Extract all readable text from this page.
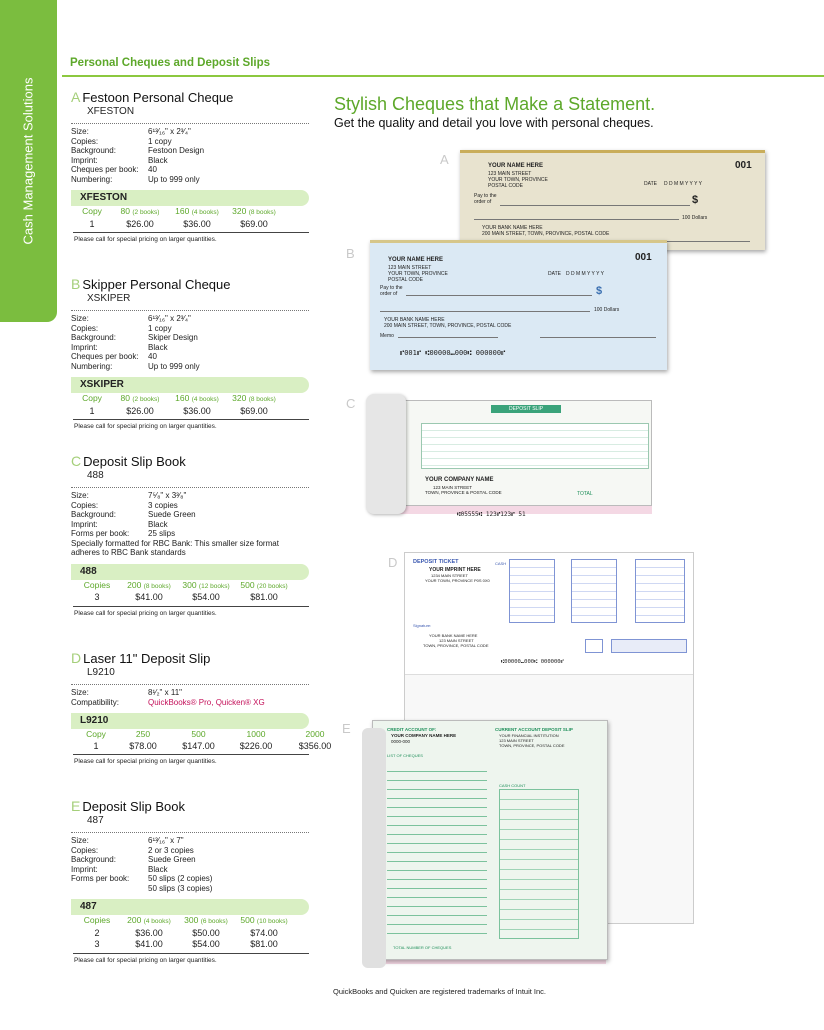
Cash Management Solutions
Personal Cheques and Deposit Slips
A Festoon Personal Cheque
XFESTON
Size:	6¹³⁄₁₆" x 2³⁄₄"
Copies:	1 copy
Background:	Festoon Design
Imprint:	Black
Cheques per book:	40
Numbering:	Up to 999 only
XFESTON
Copy 80 (2 books) 160 (4 books) 320 (8 books)
1	$26.00	$36.00	$69.00
Please call for special pricing on larger quantities.
B Skipper Personal Cheque
XSKIPER
Size:	6¹³⁄₁₆" x 2³⁄₄"
Copies:	1 copy
Background:	Skiper Design
Imprint:	Black
Cheques per book:	40
Numbering:	Up to 999 only
XSKIPER
Copy 80 (2 books) 160 (4 books) 320 (8 books)
1	$26.00	$36.00	$69.00
Please call for special pricing on larger quantities.
C Deposit Slip Book
488
Size:	7⁵⁄₈" x 3³⁄₈"
Copies:	3 copies
Background:	Suede Green
Imprint:	Black
Forms per book:	25 slips
Specially formatted for RBC Bank: This smaller size format
adheres to RBC Bank standards
488
Copies 200 (8 books) 300 (12 books) 500 (20 books)
3	$41.00	$54.00	$81.00
Please call for special pricing on larger quantities.
D Laser 11" Deposit Slip
L9210
Size:	8¹⁄₂" x 11"
Compatibility:	QuickBooks® Pro, Quicken® XG
L9210
Copy	250	500	1000	2000
1	$78.00	$147.00	$226.00	$356.00
Please call for special pricing on larger quantities.
E Deposit Slip Book
487
Size:	6¹³⁄₁₆" x 7"
Copies:	2 or 3 copies
Background:	Suede Green
Imprint:	Black
Forms per book:	50 slips (2 copies)
50 slips (3 copies)
487
Copies 200 (4 books) 300 (6 books) 500 (10 books)
2	$36.00	$50.00	$74.00
3	$41.00	$54.00	$81.00
Please call for special pricing on larger quantities.
Stylish Cheques that Make a Statement.
Get the quality and detail you love with personal cheques.
A	YOUR NAME HERE
123 MAIN STREET
YOUR TOWN, PROVINCE
POSTAL CODE
001
DATE D D M M Y Y Y Y
Pay to the order of	$
100 Dollars
YOUR BANK NAME HERE
200 MAIN STREET, TOWN, PROVINCE, POSTAL CODE
B	YOUR NAME HERE
123 MAIN STREET
YOUR TOWN, PROVINCE
POSTAL CODE
001
DATE D D M M Y Y Y Y
Pay to the order of	$
100 Dollars
YOUR BANK NAME HERE
200 MAIN STREET, TOWN, PROVINCE, POSTAL CODE
Memo
⑈001⑈ ⑆00000⑉000⑆ 000000⑈
C	DEPOSIT SLIP
YOUR COMPANY NAME
123 MAIN STREET
TOWN, PROVINCE & POSTAL CODE	TOTAL
⑆05555⑆ 123⑈123⑈ 51
D	DEPOSIT TICKET
YOUR IMPRINT HERE
1234 MAIN STREET
YOUR TOWN, PROVINCE P0S 0X0
CASH
Signature:
YOUR BANK NAME HERE
123 MAIN STREET
TOWN, PROVINCE, POSTAL CODE
⑆00000⑉000⑆ 000000⑈
E	CREDIT ACCOUNT OF:
YOUR COMPANY NAME HERE
0000-000
CURRENT ACCOUNT DEPOSIT SLIP
YOUR FINANCIAL INSTITUTION
123 MAIN STREET
TOWN, PROVINCE, POSTAL CODE
LIST OF CHEQUES
CASH COUNT
TOTAL NUMBER OF CHEQUES
QuickBooks and Quicken are registered trademarks of Intuit Inc.
